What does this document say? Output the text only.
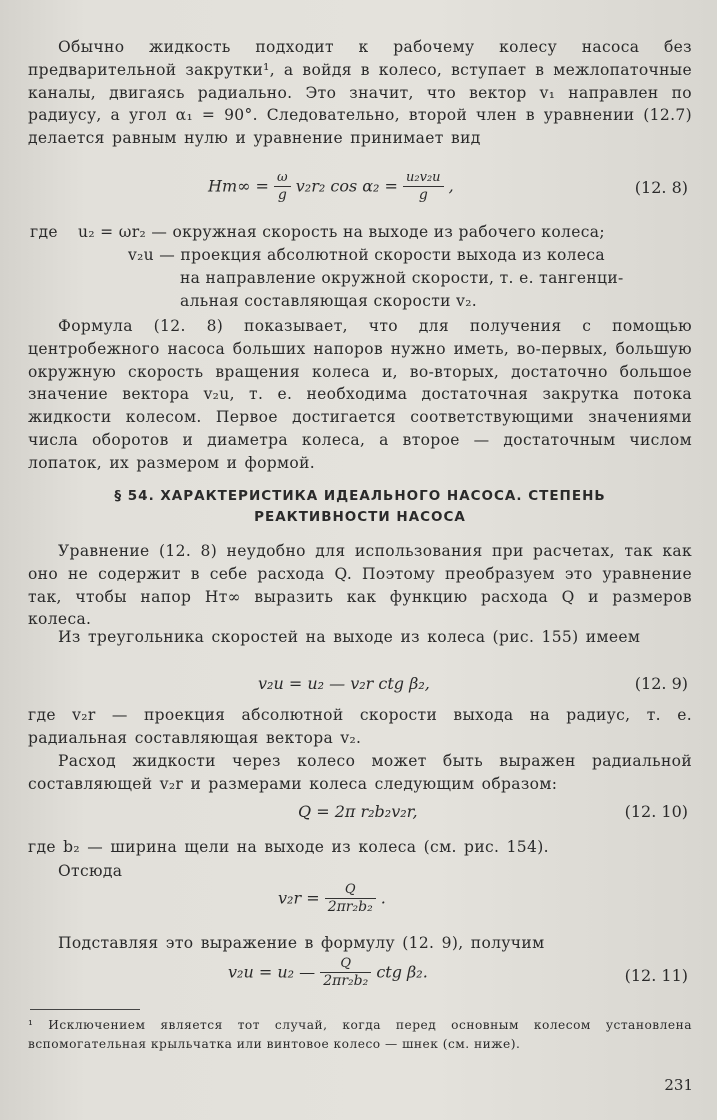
Обычно жидкость подходит к рабочему колесу насоса без предварительной закрутки¹, а войдя в колесо, вступает в межлопаточные каналы, двигаясь радиально. Это значит, что вектор v₁ направлен по радиусу, а угол α₁ = 90°. Следовательно, второй член в уравнении (12.7) делается равным нулю и уравнение принимает вид

$Hт\infty = \frac{\omega}{g} v_2r_2$ $\cos \alpha_2 = \frac{\text{u₂v₂u}}{g}$ ,	(12. 8)
где u₂ = ωr₂ — окружная скорость на выходе из рабочего колеса;
v₂u — проекция абсолютной скорости выхода из колеса
на направление окружной скорости, т. е. тангенци-
альная составляющая скорости v₂.

Формула (12. 8) показывает, что для получения с помощью центробежного насоса больших напоров нужно иметь, во-первых, большую окружную скорость вращения колеса и, во-вторых, достаточно большое значение вектора v₂u, т. е. необходима достаточная закрутка потока жидкости колесом. Первое достигается соответствующими значениями числа оборотов и диаметра колеса, а второе — достаточным числом лопаток, их размером и формой.

§ 54. ХАРАКТЕРИСТИКА ИДЕАЛЬНОГО НАСОСА. СТЕПЕНЬ
РЕАКТИВНОСТИ НАСОСА

Уравнение (12. 8) неудобно для использования при расчетах, так как оно не содержит в себе расхода Q. Поэтому преобразуем это уравнение так, чтобы напор Hт∞ выразить как функцию расхода Q и размеров колеса.

Из треугольника скоростей на выходе из колеса (рис. 155) имеем

v₂u = u₂ — v₂r ctg β₂,	(12. 9)

где v₂r — проекция абсолютной скорости выхода на радиус, т. е. радиальная составляющая вектора v₂.

Расход жидкости через колесо может быть выражен радиальной составляющей v₂r и размерами колеса следующим образом:

Q = 2π r₂b₂v₂r,	(12. 10)

где b₂ — ширина щели на выходе из колеса (см. рис. 154).

Отсюда

$v_2r = \frac{Q}{\text{2πr₂b₂}}$ .

Подставляя это выражение в формулу (12. 9), получим

v₂u = u₂ — $\frac{Q}{\text{2πr₂b₂}}$ ctg β₂.	(12. 11)
¹ Исключением является тот случай, когда перед основным колесом установлена вспомогательная крыльчатка или винтовое колесо — шнек (см. ниже).
231
